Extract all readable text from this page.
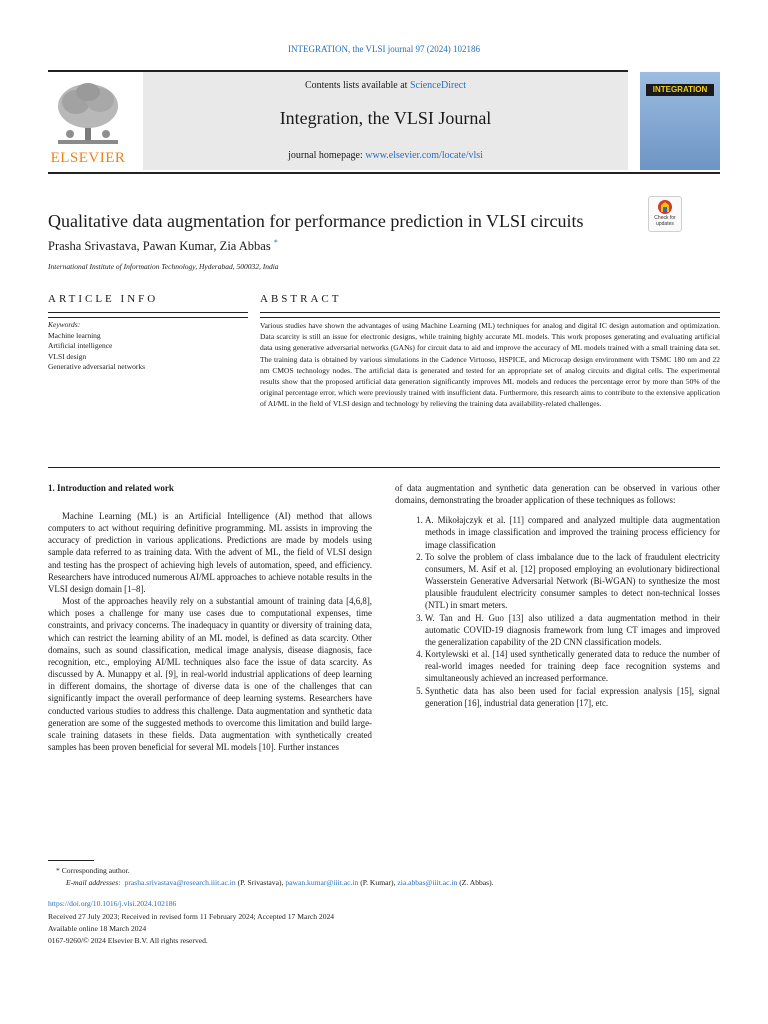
INTEGRATION, the VLSI journal 97 (2024) 102186
Contents lists available at ScienceDirect
Integration, the VLSI Journal
journal homepage: www.elsevier.com/locate/vlsi
ELSEVIER
INTEGRATION
Qualitative data augmentation for performance prediction in VLSI circuits	Check for updates
Prasha Srivastava, Pawan Kumar, Zia Abbas *
International Institute of Information Technology, Hyderabad, 500032, India
ARTICLE INFO	ABSTRACT
Keywords:
Machine learning
Artificial intelligence
VLSI design
Generative adversarial networks
Various studies have shown the advantages of using Machine Learning (ML) techniques for analog and digital IC design automation and optimization. Data scarcity is still an issue for electronic designs, while training highly accurate ML models. This work proposes generating and evaluating artificial data using generative adversarial networks (GANs) for circuit data to aid and improve the accuracy of ML models trained with a small training data set. The training data is obtained by various simulations in the Cadence Virtuoso, HSPICE, and Microcap design environment with TSMC 180 nm and 22 nm CMOS technology nodes. The artificial data is generated and tested for an appropriate set of analog circuits and digital cells. The experimental results show that the proposed artificial data generation significantly improves ML models and reduces the percentage error by more than 50% of the original percentage error, which were previously trained with insufficient data. Furthermore, this research aims to contribute to the extensive application of AI/ML in the field of VLSI design and technology by relieving the training data availability-related challenges.
1. Introduction and related work

Machine Learning (ML) is an Artificial Intelligence (AI) method that allows computers to act without requiring definitive programming. ML assists in improving the accuracy of prediction in various applications. Predictions are made by models using sample data referred to as training data. With the advent of ML, the field of VLSI design and testing has the prospect of achieving high levels of automation, speed, and efficiency. Researchers have introduced numerous AI/ML approaches to achieve notable results in the VLSI design domain [1–8].

Most of the approaches heavily rely on a substantial amount of training data [4,6,8], which poses a challenge for many use cases due to computational expenses, time constraints, and privacy concerns. The inadequacy in quantity or diversity of training data, which can restrict the learning ability of an ML model, is defined as data scarcity. Other domains, such as sound classification, medical image analysis, disease diagnosis, face recognition, etc., employing AI/ML techniques also face the issue of data scarcity. As discussed by A. Munappy et al. [9], in real-world industrial applications of deep learning in different domains, the shortage of diverse data is one of the challenges that can significantly impact the overall performance of deep learning systems. Researchers have conducted various studies to address this challenge. Data augmentation and synthetic data generation are some of the suggested methods to overcome this limitation and build large-scale training datasets in these fields. Data augmentation with synthetically created samples has been proven beneficial for several ML models [10]. Further instances

of data augmentation and synthetic data generation can be observed in various other domains, demonstrating the broader application of these techniques as follows:

1. A. Mikołajczyk et al. [11] compared and analyzed multiple data augmentation methods in image classification and improved the training process efficiency for image classification
2. To solve the problem of class imbalance due to the lack of fraudulent electricity consumers, M. Asif et al. [12] proposed employing an evolutionary bidirectional Wasserstein Generative Adversarial Network (Bi-WGAN) to synthesize the most plausible fraudulent electricity consumer samples to detect non-technical losses (NTL) in smart meters.
3. W. Tan and H. Guo [13] also utilized a data augmentation method in their automatic COVID-19 diagnosis framework from lung CT images and improved the generalization capability of the 2D CNN classification models.
4. Kortylewski et al. [14] used synthetically generated data to reduce the number of real-world images needed for training deep face recognition systems and simultaneously achieved an increased performance.
5. Synthetic data has also been used for facial expression analysis [15], signal generation [16], industrial data generation [17], etc.
* Corresponding author.
E-mail addresses: prasha.srivastava@research.iiit.ac.in (P. Srivastava), pawan.kumar@iiit.ac.in (P. Kumar), zia.abbas@iiit.ac.in (Z. Abbas).
https://doi.org/10.1016/j.vlsi.2024.102186
Received 27 July 2023; Received in revised form 11 February 2024; Accepted 17 March 2024
Available online 18 March 2024
0167-9260/© 2024 Elsevier B.V. All rights reserved.
